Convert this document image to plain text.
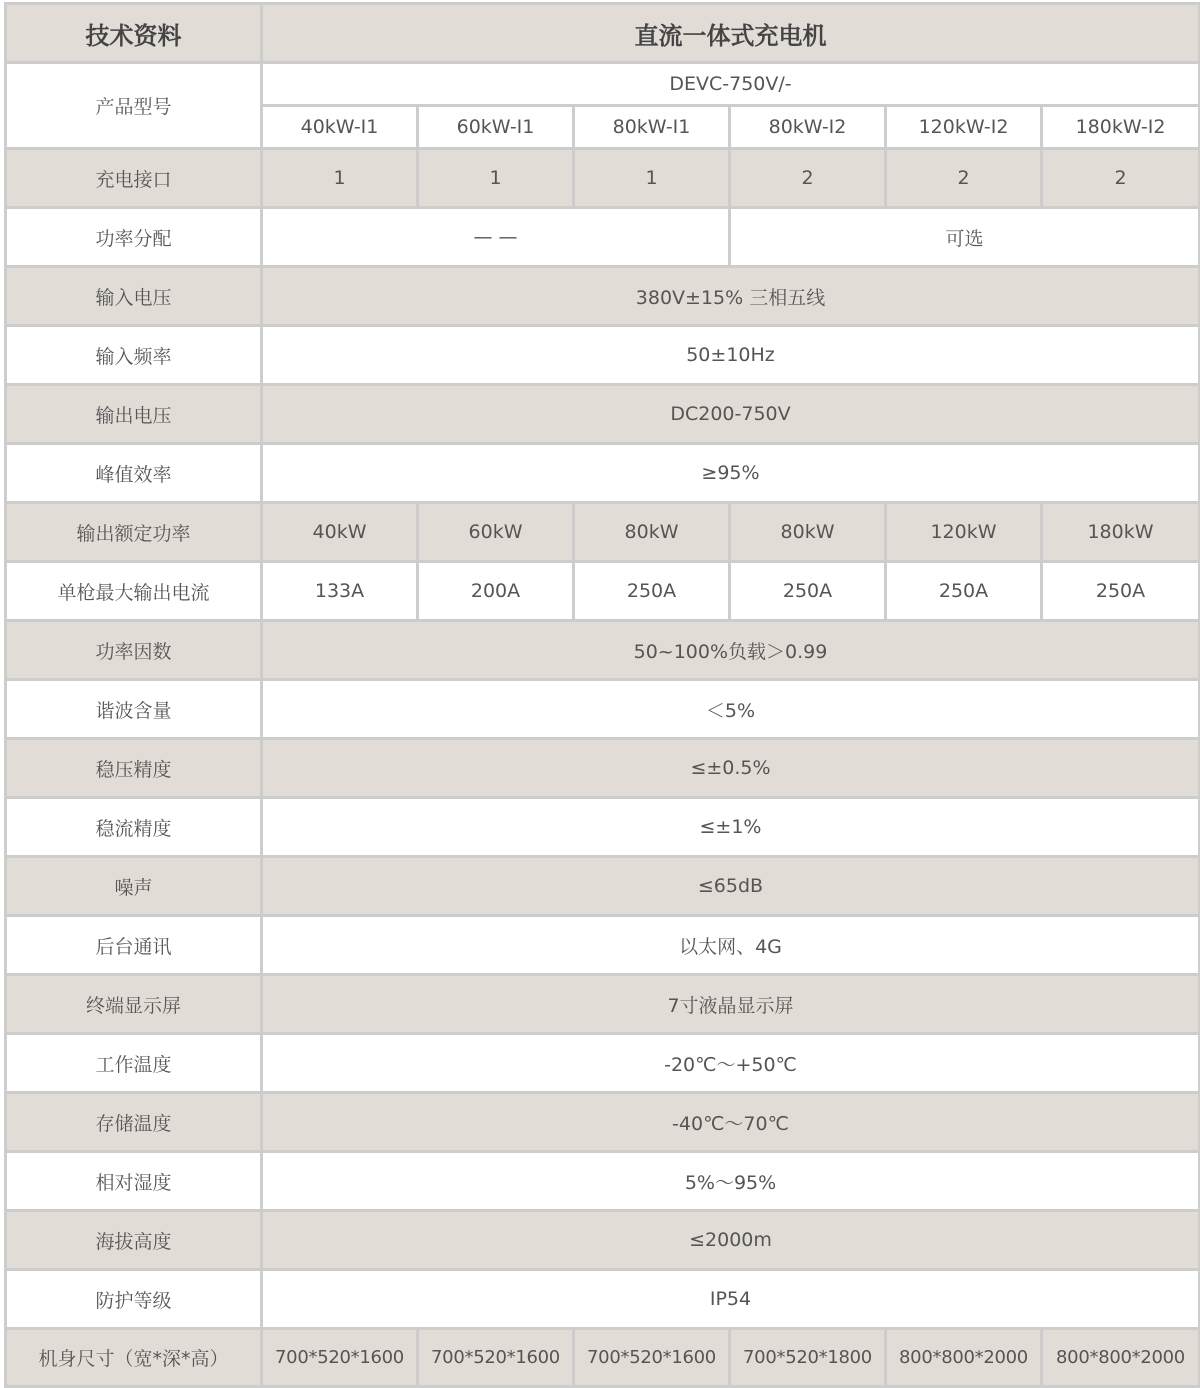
技术资料	直流一体式充电机					
产品型号	DEVC-750V/-					
	40kW-I1	60kW-I1	80kW-I1	80kW-I2	120kW-I2	180kW-I2
充电接口	1	1	1	2	2	2
功率分配	— —			可选		
输入电压	380V±15% 三相五线					
输入频率	50±10Hz					
输出电压	DC200-750V					
峰值效率	≥95%					
输出额定功率	40kW	60kW	80kW	80kW	120kW	180kW
单枪最大输出电流	133A	200A	250A	250A	250A	250A
功率因数	50~100%负载＞0.99					
谐波含量	＜5%					
稳压精度	≤±0.5%					
稳流精度	≤±1%					
噪声	≤65dB					
后台通讯	以太网、4G					
终端显示屏	7寸液晶显示屏					
工作温度	-20℃～+50℃					
存储温度	-40℃～70℃					
相对湿度	5%～95%					
海拔高度	≤2000m					
防护等级	IP54					
机身尺寸（宽*深*高）	700*520*1600	700*520*1600	700*520*1600	700*520*1800	800*800*2000	800*800*2000
